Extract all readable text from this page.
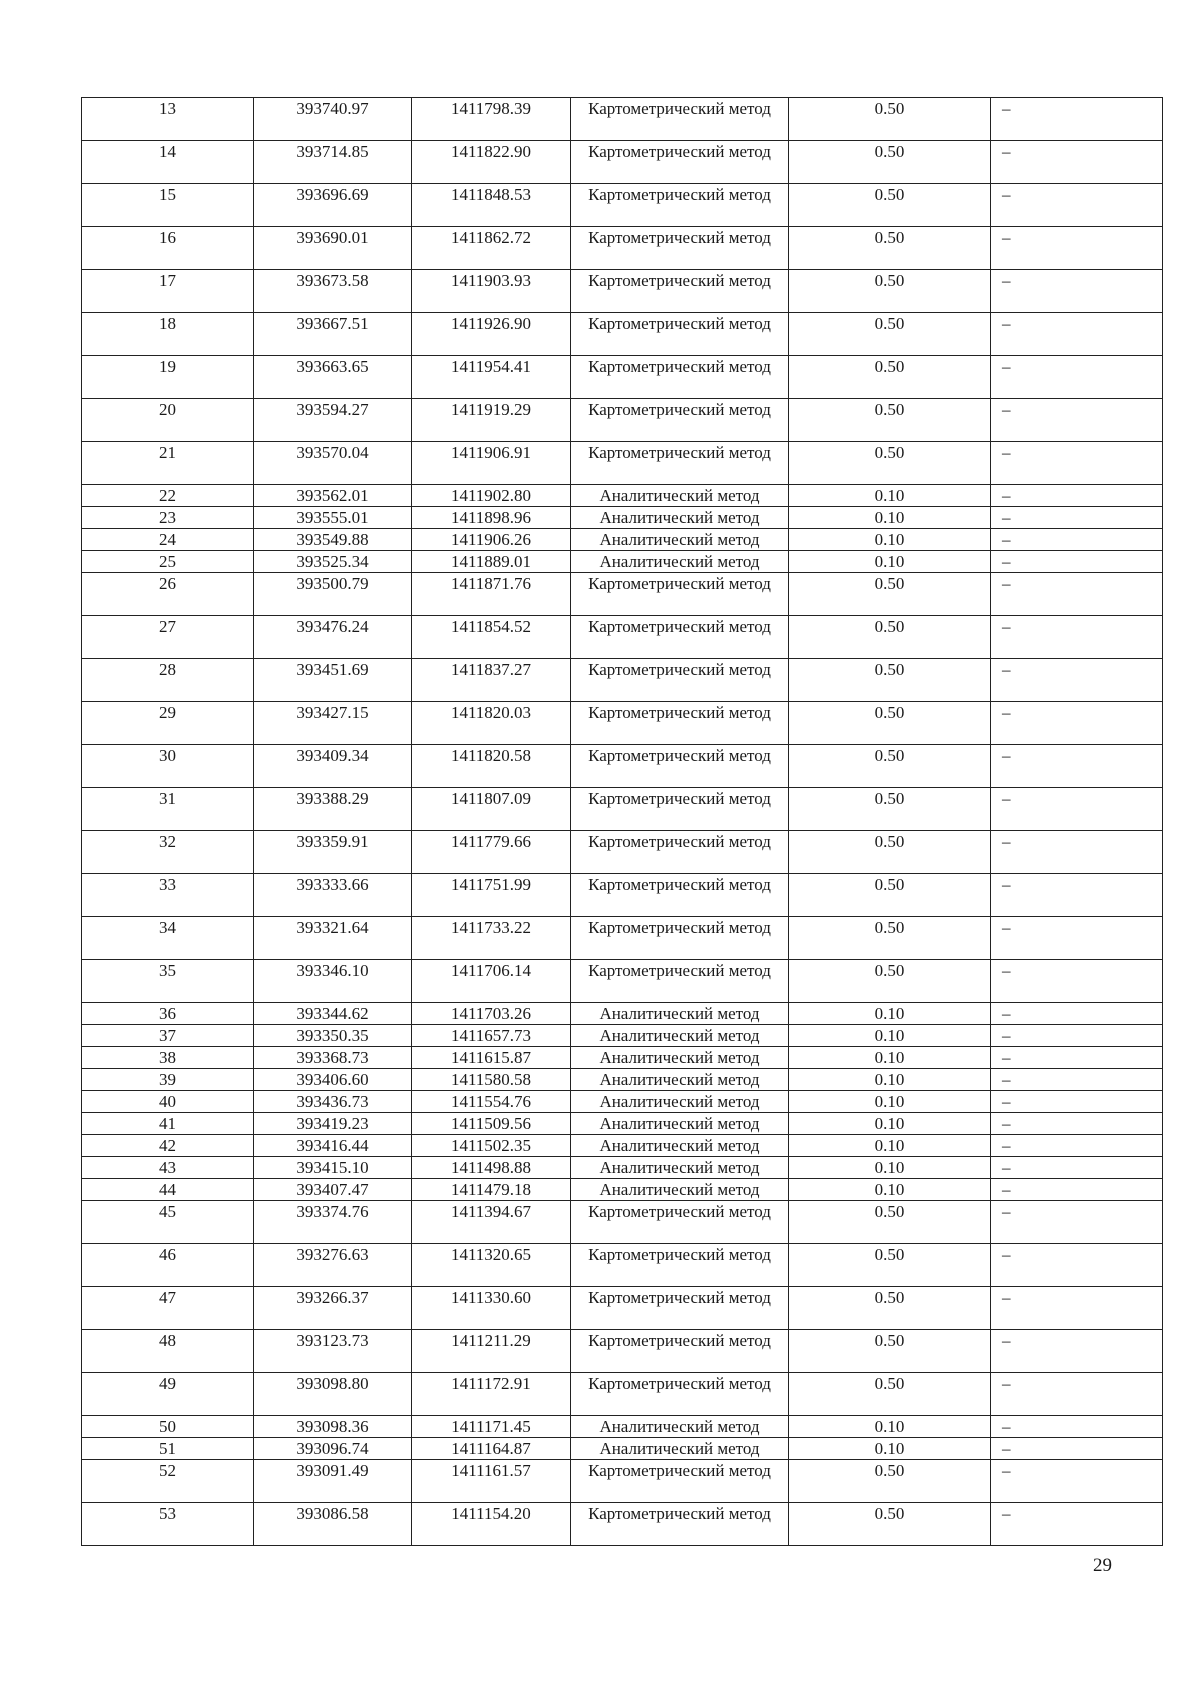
13	393740.97	1411798.39	Картометрический метод	0.50	–
14	393714.85	1411822.90	Картометрический метод	0.50	–
15	393696.69	1411848.53	Картометрический метод	0.50	–
16	393690.01	1411862.72	Картометрический метод	0.50	–
17	393673.58	1411903.93	Картометрический метод	0.50	–
18	393667.51	1411926.90	Картометрический метод	0.50	–
19	393663.65	1411954.41	Картометрический метод	0.50	–
20	393594.27	1411919.29	Картометрический метод	0.50	–
21	393570.04	1411906.91	Картометрический метод	0.50	–
22	393562.01	1411902.80	Аналитический метод	0.10	–
23	393555.01	1411898.96	Аналитический метод	0.10	–
24	393549.88	1411906.26	Аналитический метод	0.10	–
25	393525.34	1411889.01	Аналитический метод	0.10	–
26	393500.79	1411871.76	Картометрический метод	0.50	–
27	393476.24	1411854.52	Картометрический метод	0.50	–
28	393451.69	1411837.27	Картометрический метод	0.50	–
29	393427.15	1411820.03	Картометрический метод	0.50	–
30	393409.34	1411820.58	Картометрический метод	0.50	–
31	393388.29	1411807.09	Картометрический метод	0.50	–
32	393359.91	1411779.66	Картометрический метод	0.50	–
33	393333.66	1411751.99	Картометрический метод	0.50	–
34	393321.64	1411733.22	Картометрический метод	0.50	–
35	393346.10	1411706.14	Картометрический метод	0.50	–
36	393344.62	1411703.26	Аналитический метод	0.10	–
37	393350.35	1411657.73	Аналитический метод	0.10	–
38	393368.73	1411615.87	Аналитический метод	0.10	–
39	393406.60	1411580.58	Аналитический метод	0.10	–
40	393436.73	1411554.76	Аналитический метод	0.10	–
41	393419.23	1411509.56	Аналитический метод	0.10	–
42	393416.44	1411502.35	Аналитический метод	0.10	–
43	393415.10	1411498.88	Аналитический метод	0.10	–
44	393407.47	1411479.18	Аналитический метод	0.10	–
45	393374.76	1411394.67	Картометрический метод	0.50	–
46	393276.63	1411320.65	Картометрический метод	0.50	–
47	393266.37	1411330.60	Картометрический метод	0.50	–
48	393123.73	1411211.29	Картометрический метод	0.50	–
49	393098.80	1411172.91	Картометрический метод	0.50	–
50	393098.36	1411171.45	Аналитический метод	0.10	–
51	393096.74	1411164.87	Аналитический метод	0.10	–
52	393091.49	1411161.57	Картометрический метод	0.50	–
53	393086.58	1411154.20	Картометрический метод	0.50	–
29
